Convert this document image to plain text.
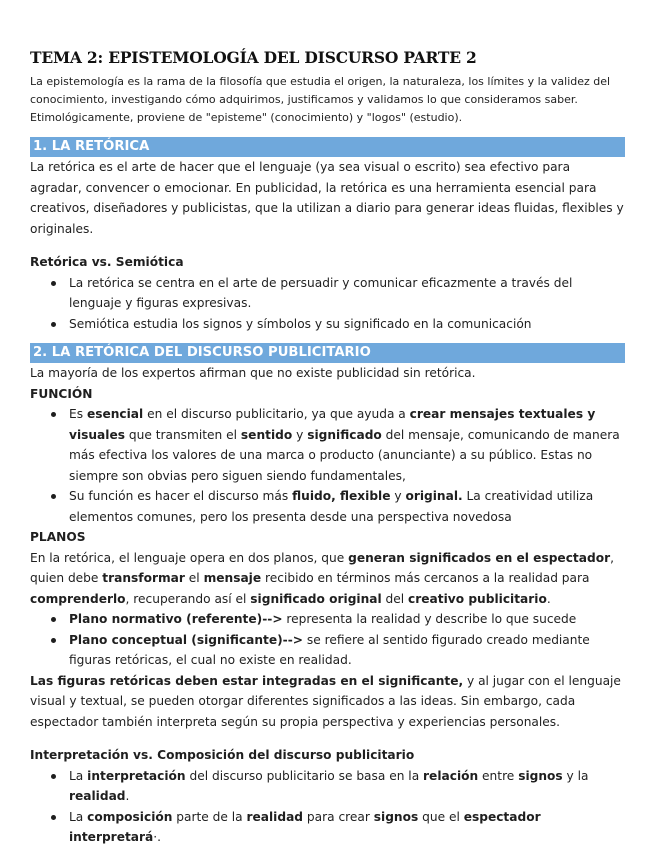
TEMA 2: EPISTEMOLOGÍA DEL DISCURSO PARTE 2

La epistemología es la rama de la filosofía que estudia el origen, la naturaleza, los límites y la validez del conocimiento, investigando cómo adquirimos, justificamos y validamos lo que consideramos saber. Etimológicamente, proviene de "episteme" (conocimiento) y "logos" (estudio).

1. LA RETÓRICA

La retórica es el arte de hacer que el lenguaje (ya sea visual o escrito) sea efectivo para agradar, convencer o emocionar. En publicidad, la retórica es una herramienta esencial para creativos, diseñadores y publicistas, que la utilizan a diario para generar ideas fluidas, flexibles y originales.

Retórica vs. Semiótica

La retórica se centra en el arte de persuadir y comunicar eficazmente a través del lenguaje y figuras expresivas.
Semiótica estudia los signos y símbolos y su significado en la comunicación
2. LA RETÓRICA DEL DISCURSO PUBLICITARIO

La mayoría de los expertos afirman que no existe publicidad sin retórica.

FUNCIÓN

Es esencial en el discurso publicitario, ya que ayuda a crear mensajes textuales y visuales que transmiten el sentido y significado del mensaje, comunicando de manera más efectiva los valores de una marca o producto (anunciante) a su público. Estas no siempre son obvias pero siguen siendo fundamentales,
Su función es hacer el discurso más fluido, flexible y original. La creatividad utiliza elementos comunes, pero los presenta desde una perspectiva novedosa

PLANOS

En la retórica, el lenguaje opera en dos planos, que generan significados en el espectador, quien debe transformar el mensaje recibido en términos más cercanos a la realidad para comprenderlo, recuperando así el significado original del creativo publicitario.

Plano normativo (referente)--> representa la realidad y describe lo que sucede
Plano conceptual (significante)--> se refiere al sentido figurado creado mediante figuras retóricas, el cual no existe en realidad.

Las figuras retóricas deben estar integradas en el significante, y al jugar con el lenguaje visual y textual, se pueden otorgar diferentes significados a las ideas. Sin embargo, cada espectador también interpreta según su propia perspectiva y experiencias personales.

Interpretación vs. Composición del discurso publicitario

La interpretación del discurso publicitario se basa en la relación entre signos y la realidad.
La composición parte de la realidad para crear signos que el espectador interpretará·.
